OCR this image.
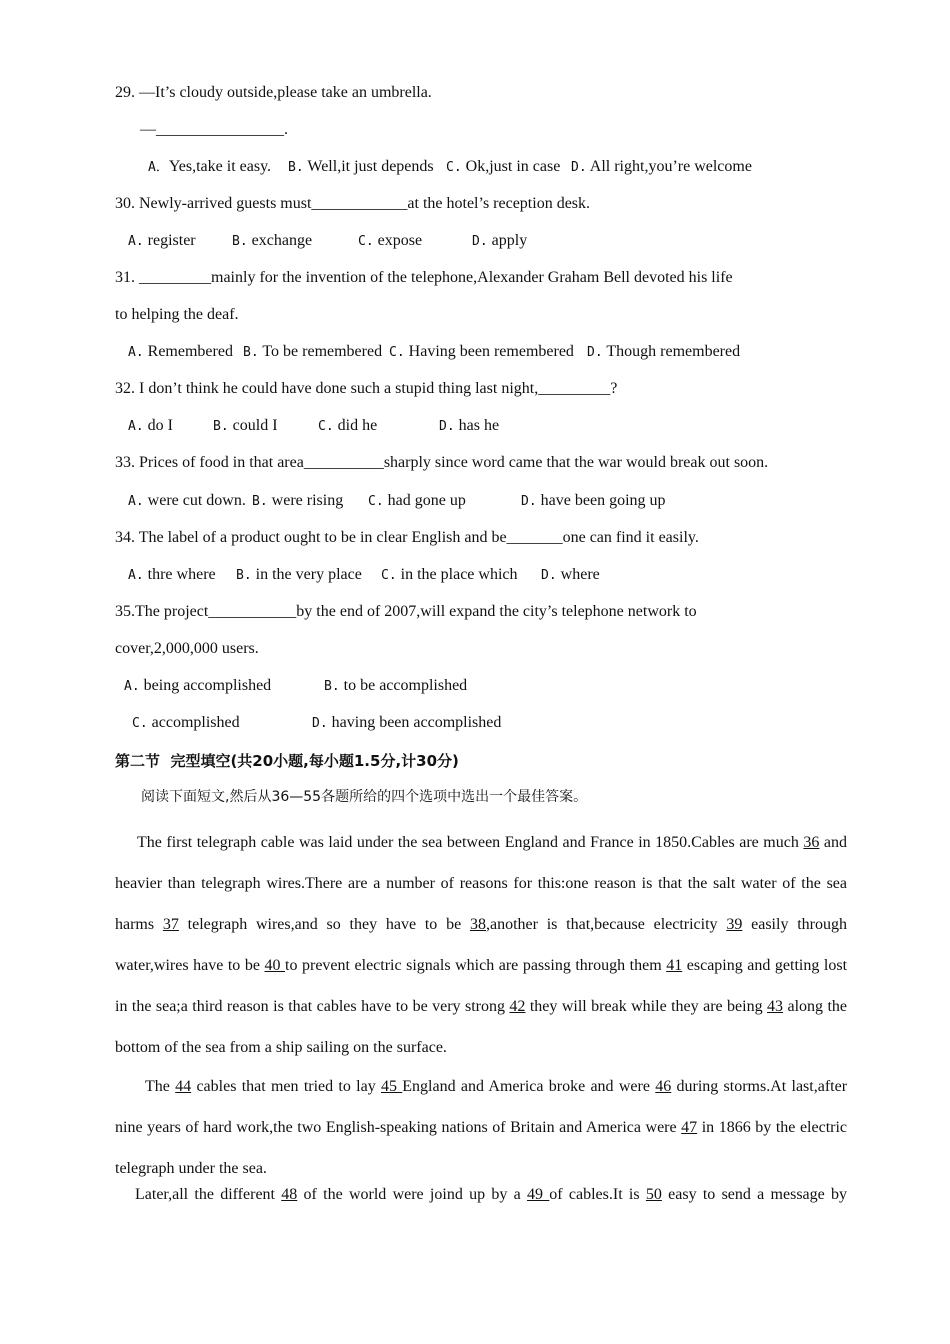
29. —It’s cloudy outside,please take an umbrella.
—________________.
A．Yes,take it easy. B. Well,it just depends C. Ok,just in case D. All right,you’re welcome
30. Newly-arrived guests must____________at the hotel’s reception desk.
A. register	B. exchange	C. expose	D. apply
31. _________mainly for the invention of the telephone,Alexander Graham Bell devoted his life
to helping the deaf.
A. Remembered B. To be remembered C. Having been remembered D. Though remembered
32. I don’t think he could have done such a stupid thing last night,_________?
A. do I	B. could I	C. did he	D. has he
33. Prices of food in that area__________sharply since word came that the war would break out soon.
A. were cut down. B. were rising C. had gone up	D. have been going up
34. The label of a product ought to be in clear English and be_______one can find it easily.
A. thre where B. in the very place C. in the place which D. where
35.The project___________by the end of 2007,will expand the city’s telephone network to
cover,2,000,000 users.
A. being accomplished	B. to be accomplished
C. accomplished	D. having been accomplished
第二节  完型填空(共20小题,每小题1.5分,计30分)
阅读下面短文,然后从36—55各题所给的四个选项中选出一个最佳答案。
The first telegraph cable was laid under the sea between England and France in 1850.Cables are much 36 and heavier than telegraph wires.There are a number of reasons for this:one reason is that the salt water of the sea harms 37 telegraph wires,and so they have to be 38,another is that,because electricity 39 easily through water,wires have to be 40 to prevent electric signals which are passing through them 41 escaping and getting lost in the sea;a third reason is that cables have to be very strong 42 they will break while they are being 43 along the bottom of the sea from a ship sailing on the surface.
The 44 cables that men tried to lay 45 England and America broke and were 46 during storms.At last,after nine years of hard work,the two English-speaking nations of Britain and America were 47 in 1866 by the electric telegraph under the sea.
Later,all the different 48 of the world were joind up by a 49 of cables.It is 50 easy to send a message by
